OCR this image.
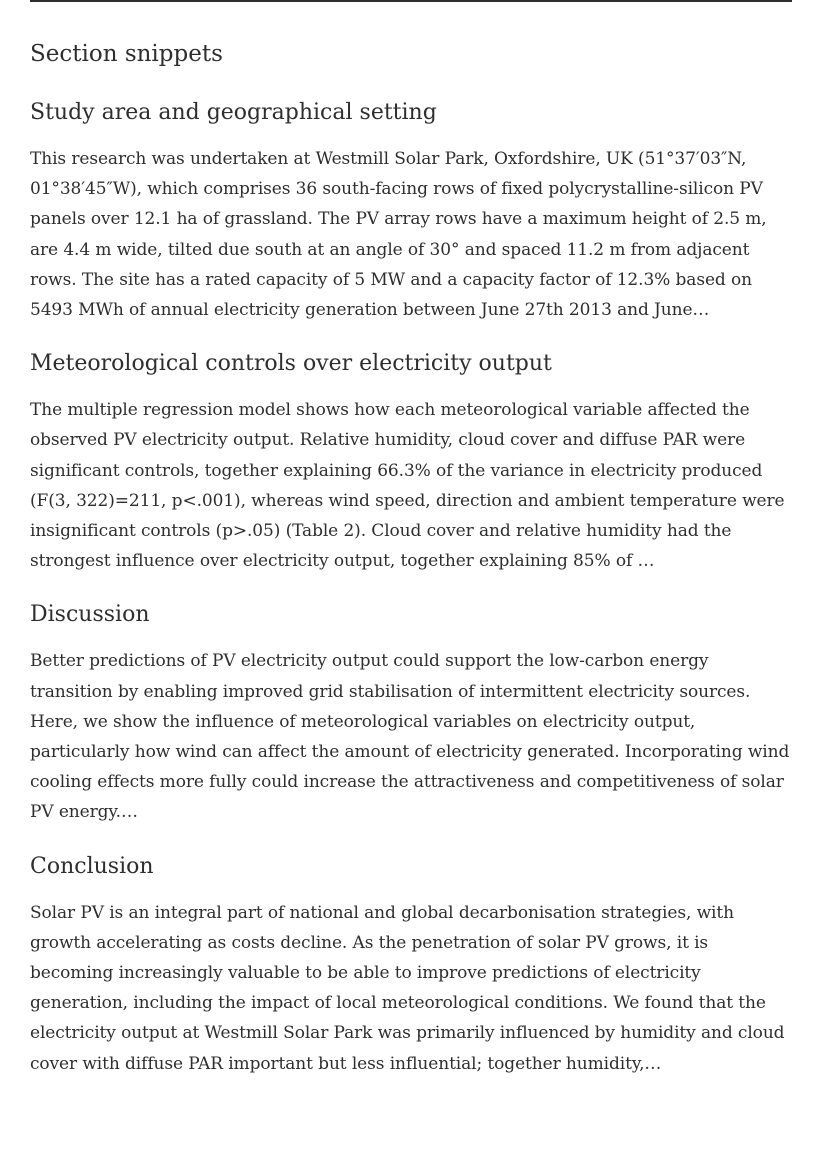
Section snippets
Study area and geographical setting

This research was undertaken at Westmill Solar Park, Oxfordshire, UK (51°37′03″N, 01°38′45″W), which comprises 36 south-facing rows of fixed polycrystalline-silicon PV panels over 12.1 ha of grassland. The PV array rows have a maximum height of 2.5 m, are 4.4 m wide, tilted due south at an angle of 30° and spaced 11.2 m from adjacent rows. The site has a rated capacity of 5 MW and a capacity factor of 12.3% based on 5493 MWh of annual electricity generation between June 27th 2013 and June…

Meteorological controls over electricity output

The multiple regression model shows how each meteorological variable affected the observed PV electricity output. Relative humidity, cloud cover and diffuse PAR were significant controls, together explaining 66.3% of the variance in electricity produced (F(3, 322)=211, p<.001), whereas wind speed, direction and ambient temperature were insignificant controls (p>.05) (Table 2). Cloud cover and relative humidity had the strongest influence over electricity output, together explaining 85% of …

Discussion

Better predictions of PV electricity output could support the low-carbon energy transition by enabling improved grid stabilisation of intermittent electricity sources. Here, we show the influence of meteorological variables on electricity output, particularly how wind can affect the amount of electricity generated. Incorporating wind cooling effects more fully could increase the attractiveness and competitiveness of solar PV energy.…

Conclusion

Solar PV is an integral part of national and global decarbonisation strategies, with growth accelerating as costs decline. As the penetration of solar PV grows, it is becoming increasingly valuable to be able to improve predictions of electricity generation, including the impact of local meteorological conditions. We found that the electricity output at Westmill Solar Park was primarily influenced by humidity and cloud cover with diffuse PAR important but less influential; together humidity,…
